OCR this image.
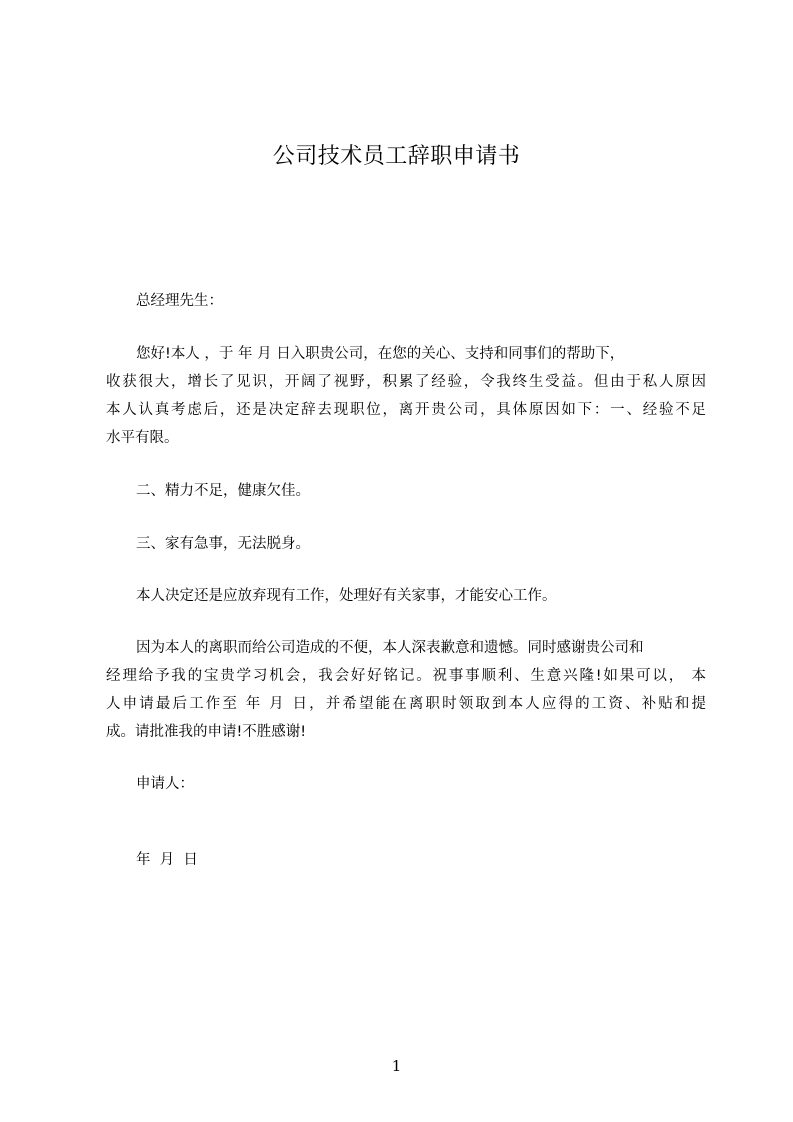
公司技术员工辞职申请书
总经理先生：
您好!本人 ，于 年 月 日入职贵公司，在您的关心、支持和同事们的帮助下，
收获很大，增长了见识，开阔了视野，积累了经验，令我终生受益。但由于私人原因
本人认真考虑后，还是决定辞去现职位，离开贵公司，具体原因如下：一、经验不足
水平有限。
二、精力不足，健康欠佳。
三、家有急事，无法脱身。
本人决定还是应放弃现有工作，处理好有关家事，才能安心工作。
因为本人的离职而给公司造成的不便，本人深表歉意和遗憾。同时感谢贵公司和
经理给予我的宝贵学习机会，我会好好铭记。祝事事顺利、生意兴隆!如果可以， 本
人申请最后工作至 年 月 日，并希望能在离职时领取到本人应得的工资、补贴和提
成。请批准我的申请!不胜感谢!
申请人：
年  月  日
1
